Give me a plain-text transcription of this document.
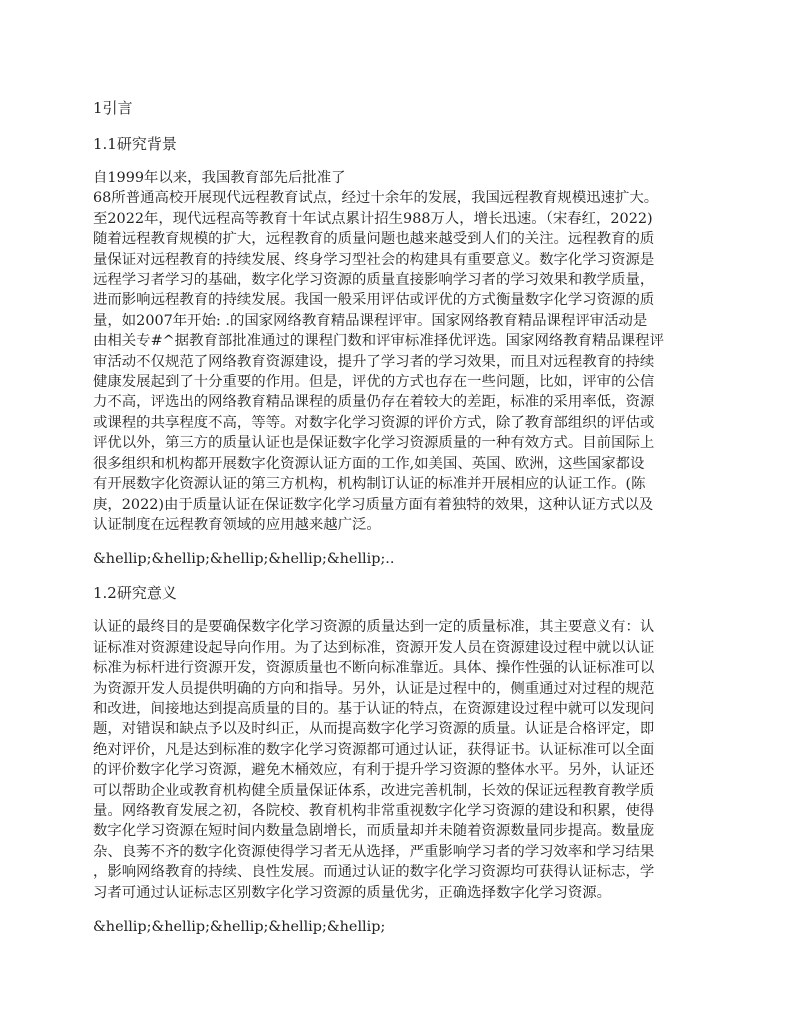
1引言

1.1研究背景

自1999年以来，我国教育部先后批准了
68所普通高校开展现代远程教育试点，经过十余年的发展，我国远程教育规模迅速扩大。
至2022年，现代远程高等教育十年试点累计招生988万人，增长迅速。（宋春红，2022)
随着远程教育规模的扩大，远程教育的质量问题也越来越受到人们的关注。远程教育的质
量保证对远程教育的持续发展、终身学习型社会的构建具有重要意义。数字化学习资源是
远程学习者学习的基础，数字化学习资源的质量直接影响学习者的学习效果和教学质量，
进而影响远程教育的持续发展。我国一般采用评估或评优的方式衡量数字化学习资源的质
量，如2007年开始: .的国家网络教育精品课程评审。国家网络教育精品课程评审活动是
由相关专#^据教育部批准通过的课程门数和评审标准择优评选。国家网络教育精品课程评
审活动不仅规范了网络教育资源建设，提升了学习者的学习效果，而且对远程教育的持续
健康发展起到了十分重要的作用。但是，评优的方式也存在一些问题，比如，评审的公信
力不高，评选出的网络教育精品课程的质量仍存在着较大的差距，标准的采用率低，资源
或课程的共享程度不高，等等。对数字化学习资源的评价方式，除了教育部组织的评估或
评优以外，第三方的质量认证也是保证数字化学习资源质量的一种有效方式。目前国际上
很多组织和机构都开展数字化资源认证方面的工作,如美国、英国、欧洲，这些国家都设
有开展数字化资源认证的第三方机构，机构制订认证的标准并开展相应的认证工作。(陈
庚，2022)由于质量认证在保证数字化学习质量方面有着独特的效果，这种认证方式以及
认证制度在远程教育领域的应用越来越广泛。

&hellip;&hellip;&hellip;&hellip;&hellip;..

1.2研究意义

认证的最终目的是要确保数字化学习资源的质量达到一定的质量标准，其主要意义有：认
证标准对资源建设起导向作用。为了达到标准，资源开发人员在资源建设过程中就以认证
标准为标杆进行资源开发，资源质量也不断向标准靠近。具体、操作性强的认证标准可以
为资源开发人员提供明确的方向和指导。另外，认证是过程中的，侧重通过对过程的规范
和改进，间接地达到提高质量的目的。基于认证的特点，在资源建设过程中就可以发现问
题，对错误和缺点予以及时纠正，从而提高数字化学习资源的质量。认证是合格评定，即
绝对评价，凡是达到标准的数字化学习资源都可通过认证，获得证书。认证标准可以全面
的评价数字化学习资源，避免木桶效应，有利于提升学习资源的整体水平。另外，认证还
可以帮助企业或教育机构健全质量保证体系，改进完善机制，长效的保证远程教育教学质
量。网络教育发展之初，各院校、教育机构非常重视数字化学习资源的建设和积累，使得
数字化学习资源在短时间内数量急剧增长，而质量却并未随着资源数量同步提高。数量庞
杂、良莠不齐的数字化资源使得学习者无从选择，严重影响学习者的学习效率和学习结果
，影响网络教育的持续、良性发展。而通过认证的数字化学习资源均可获得认证标志，学
习者可通过认证标志区别数字化学习资源的质量优劣，正确选择数字化学习资源。

&hellip;&hellip;&hellip;&hellip;&hellip;
